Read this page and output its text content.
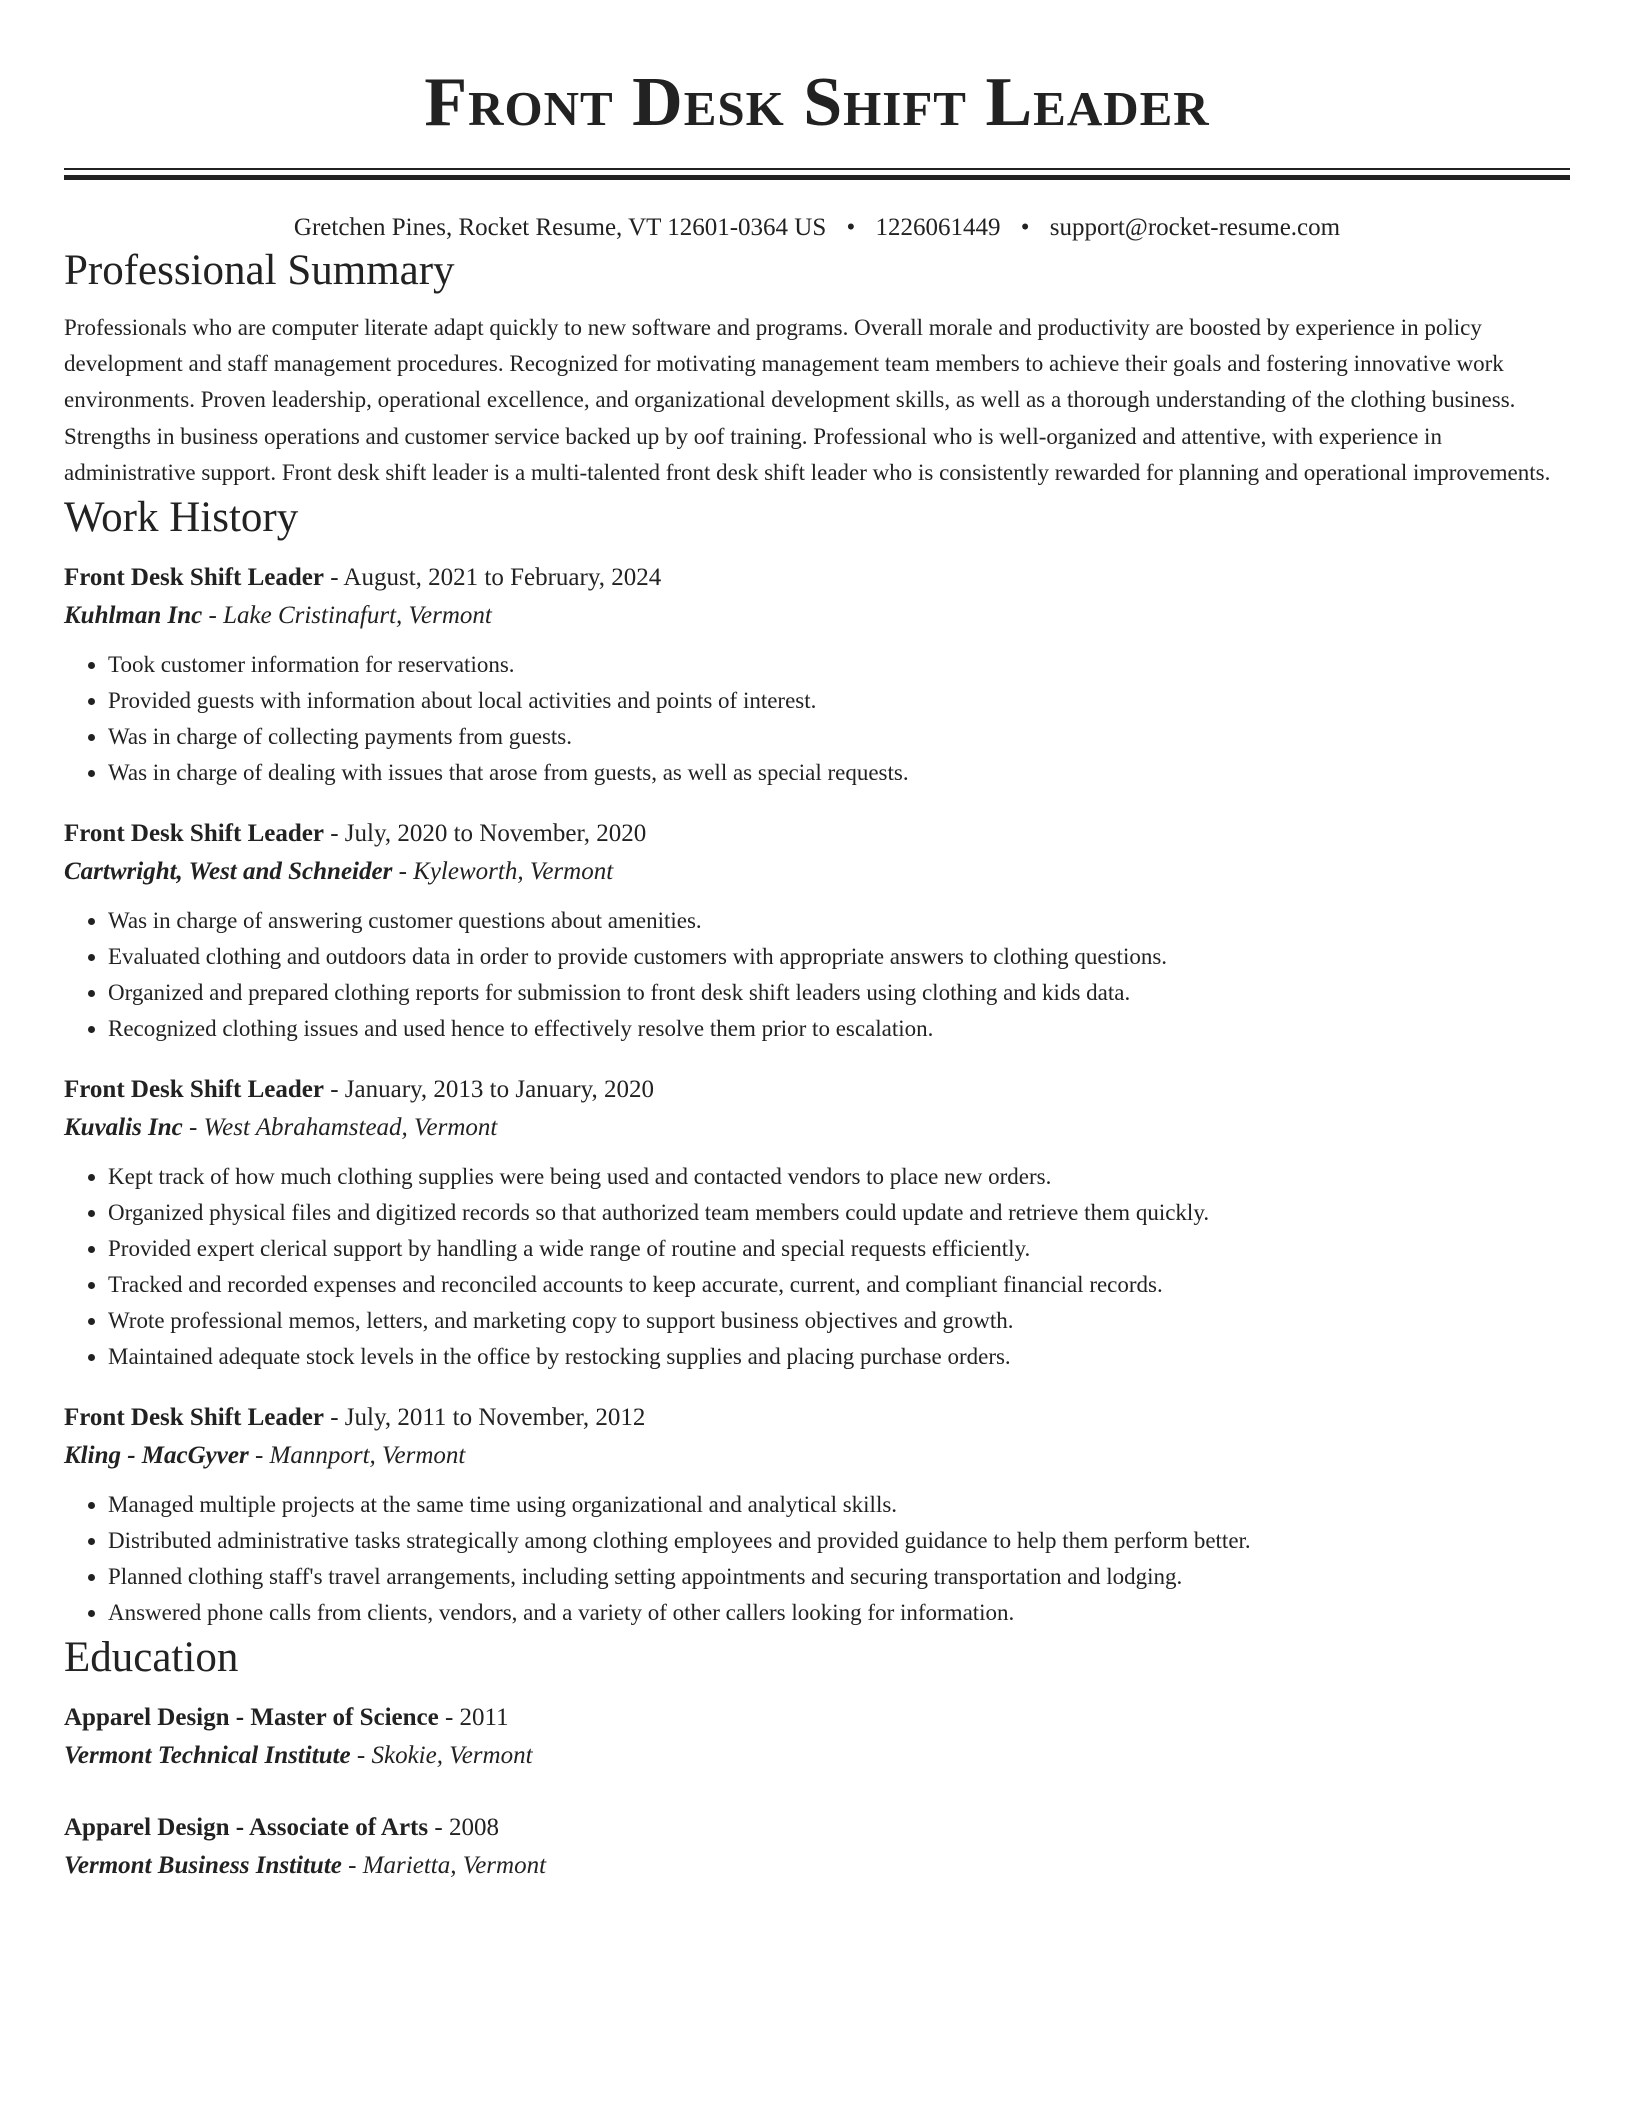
Front Desk Shift Leader
Gretchen Pines, Rocket Resume, VT 12601-0364 US • 1226061449 • support@rocket-resume.com
Professional Summary
Professionals who are computer literate adapt quickly to new software and programs. Overall morale and productivity are boosted by experience in policy development and staff management procedures. Recognized for motivating management team members to achieve their goals and fostering innovative work environments. Proven leadership, operational excellence, and organizational development skills, as well as a thorough understanding of the clothing business. Strengths in business operations and customer service backed up by oof training. Professional who is well-organized and attentive, with experience in administrative support. Front desk shift leader is a multi-talented front desk shift leader who is consistently rewarded for planning and operational improvements.
Work History
Front Desk Shift Leader - August, 2021 to February, 2024
Kuhlman Inc - Lake Cristinafurt, Vermont
• Took customer information for reservations.
• Provided guests with information about local activities and points of interest.
• Was in charge of collecting payments from guests.
• Was in charge of dealing with issues that arose from guests, as well as special requests.
Front Desk Shift Leader - July, 2020 to November, 2020
Cartwright, West and Schneider - Kyleworth, Vermont
• Was in charge of answering customer questions about amenities.
• Evaluated clothing and outdoors data in order to provide customers with appropriate answers to clothing questions.
• Organized and prepared clothing reports for submission to front desk shift leaders using clothing and kids data.
• Recognized clothing issues and used hence to effectively resolve them prior to escalation.
Front Desk Shift Leader - January, 2013 to January, 2020
Kuvalis Inc - West Abrahamstead, Vermont
• Kept track of how much clothing supplies were being used and contacted vendors to place new orders.
• Organized physical files and digitized records so that authorized team members could update and retrieve them quickly.
• Provided expert clerical support by handling a wide range of routine and special requests efficiently.
• Tracked and recorded expenses and reconciled accounts to keep accurate, current, and compliant financial records.
• Wrote professional memos, letters, and marketing copy to support business objectives and growth.
• Maintained adequate stock levels in the office by restocking supplies and placing purchase orders.
Front Desk Shift Leader - July, 2011 to November, 2012
Kling - MacGyver - Mannport, Vermont
• Managed multiple projects at the same time using organizational and analytical skills.
• Distributed administrative tasks strategically among clothing employees and provided guidance to help them perform better.
• Planned clothing staff's travel arrangements, including setting appointments and securing transportation and lodging.
• Answered phone calls from clients, vendors, and a variety of other callers looking for information.
Education
Apparel Design - Master of Science - 2011
Vermont Technical Institute - Skokie, Vermont
Apparel Design - Associate of Arts - 2008
Vermont Business Institute - Marietta, Vermont
